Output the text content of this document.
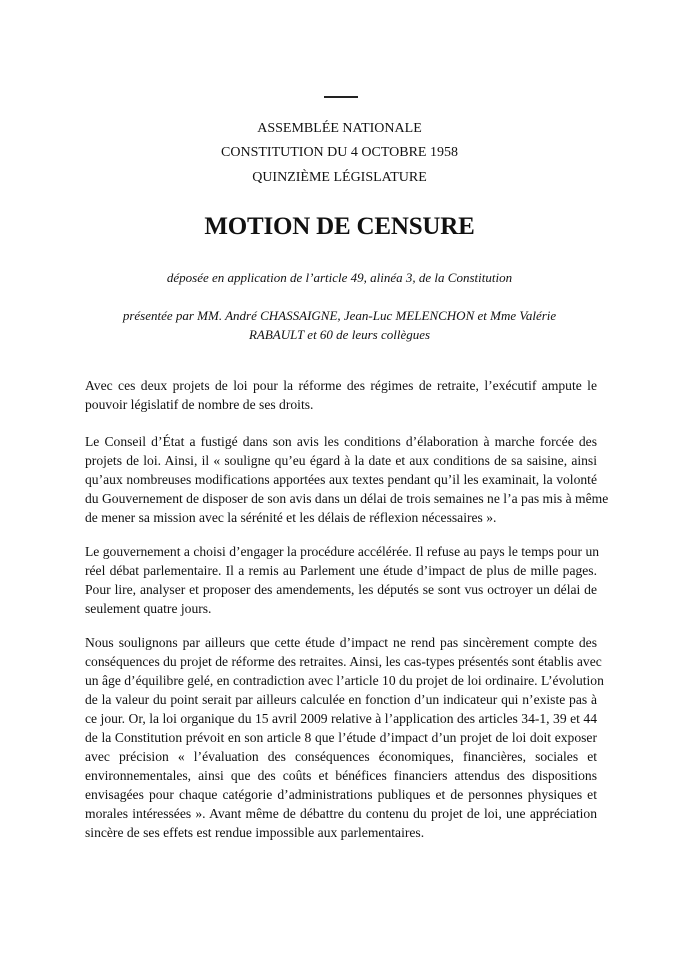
ASSEMBLÉE NATIONALE
CONSTITUTION DU 4 OCTOBRE 1958
QUINZIÈME LÉGISLATURE
MOTION DE CENSURE
déposée en application de l’article 49, alinéa 3, de la Constitution
présentée par MM. André CHASSAIGNE, Jean-Luc MELENCHON et Mme Valérie
RABAULT et 60 de leurs collègues
Avec ces deux projets de loi pour la réforme des régimes de retraite, l’exécutif ampute le
pouvoir législatif de nombre de ses droits.
Le Conseil d’État a fustigé dans son avis les conditions d’élaboration à marche forcée des
projets de loi. Ainsi, il « souligne qu’eu égard à la date et aux conditions de sa saisine, ainsi
qu’aux nombreuses modifications apportées aux textes pendant qu’il les examinait, la volonté
du Gouvernement de disposer de son avis dans un délai de trois semaines ne l’a pas mis à même
de mener sa mission avec la sérénité et les délais de réflexion nécessaires ».
Le gouvernement a choisi d’engager la procédure accélérée. Il refuse au pays le temps pour un
réel débat parlementaire. Il a remis au Parlement une étude d’impact de plus de mille pages.
Pour lire, analyser et proposer des amendements, les députés se sont vus octroyer un délai de
seulement quatre jours.
Nous soulignons par ailleurs que cette étude d’impact ne rend pas sincèrement compte des
conséquences du projet de réforme des retraites. Ainsi, les cas-types présentés sont établis avec
un âge d’équilibre gelé, en contradiction avec l’article 10 du projet de loi ordinaire. L’évolution
de la valeur du point serait par ailleurs calculée en fonction d’un indicateur qui n’existe pas à
ce jour. Or, la loi organique du 15 avril 2009 relative à l’application des articles 34-1, 39 et 44
de la Constitution prévoit en son article 8 que l’étude d’impact d’un projet de loi doit exposer
avec précision « l’évaluation des conséquences économiques, financières, sociales et
environnementales, ainsi que des coûts et bénéfices financiers attendus des dispositions
envisagées pour chaque catégorie d’administrations publiques et de personnes physiques et
morales intéressées ». Avant même de débattre du contenu du projet de loi, une appréciation
sincère de ses effets est rendue impossible aux parlementaires.
